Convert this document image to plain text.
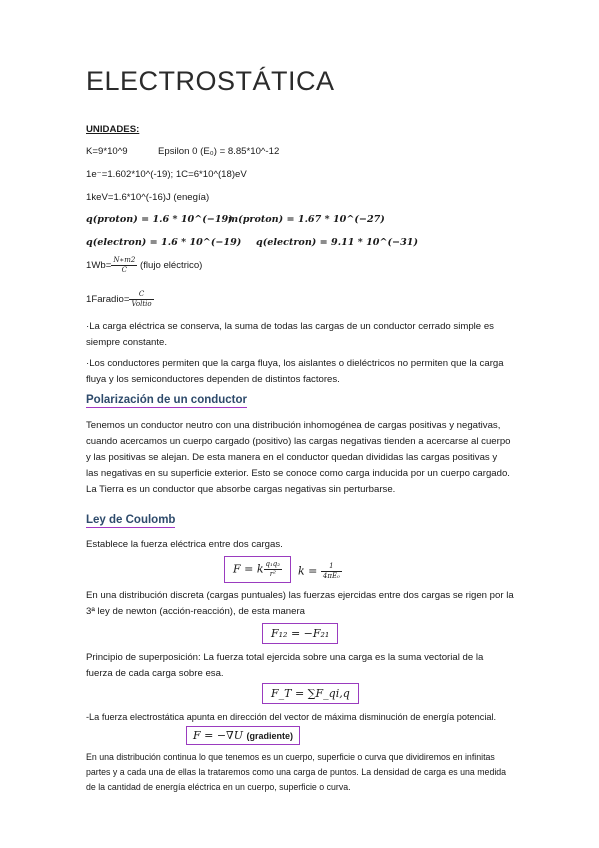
ELECTROSTÁTICA
UNIDADES:
K=9*10^9	Epsilon 0 (E₀) = 8.85*10^-12
1e⁻=1.602*10^(-19); 1C=6*10^(18)eV
1keV=1.6*10^(-16)J (enegía)
q(proton) = 1.6 * 10^(−19)
m(proton) = 1.67 * 10^(−27)
q(electron) = 1.6 * 10^(−19) q(electron) = 9.11 * 10^(−31)
$1Wb= \frac{N∗m2}{C}$ (flujo eléctrico)
1Faradio= $\frac{C}{\text{Voltio}}$
·La carga eléctrica se conserva, la suma de todas las cargas de un conductor cerrado simple es siempre constante.
·Los conductores permiten que la carga fluya, los aislantes o dieléctricos no permiten que la carga fluya y los semiconductores dependen de distintos factores.
Polarización de un conductor
Tenemos un conductor neutro con una distribución inhomogénea de cargas positivas y negativas, cuando acercamos un cuerpo cargado (positivo) las cargas negativas tienden a acercarse al cuerpo y las positivas se alejan. De esta manera en el conductor quedan divididas las cargas positivas y las negativas en su superficie exterior. Esto se conoce como carga inducida por un cuerpo cargado. La Tierra es un conductor que absorbe cargas negativas sin perturbarse.
Ley de Coulomb
Establece la fuerza eléctrica entre dos cargas.
F = k $\frac{\text{q₁q₂}}{\text{r²}}$ $k = \frac{1}{\text{4πE₀}}$
En una distribución discreta (cargas puntuales) las fuerzas ejercidas entre dos cargas se rigen por la 3ª ley de newton (acción-reacción), de esta manera
F₁₂ = −F₂₁
Principio de superposición: La fuerza total ejercida sobre una carga es la suma vectorial de la fuerza de cada carga sobre esa.
F_T = ∑F_qi,q
-La fuerza electrostática apunta en dirección del vector de máxima disminución de energía potencial.
F = −∇U (gradiente)
En una distribución continua lo que tenemos es un cuerpo, superficie o curva que dividiremos en infinitas partes y a cada una de ellas la trataremos como una carga de puntos. La densidad de carga es una medida de la cantidad de energía eléctrica en un cuerpo, superficie o curva.
